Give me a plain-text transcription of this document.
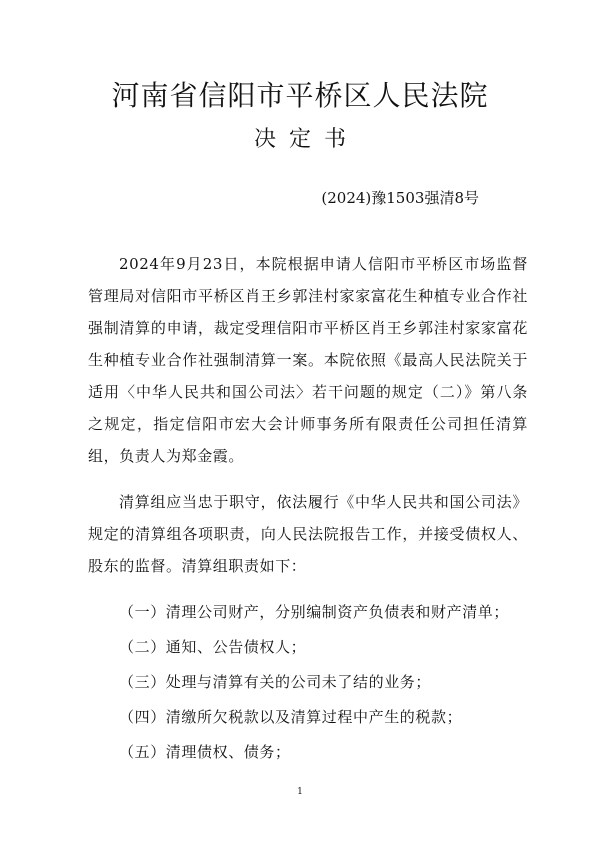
河南省信阳市平桥区人民法院
决定书
(2024)豫1503强清8号

2024年9月23日，本院根据申请人信阳市平桥区市场监督管理局对信阳市平桥区肖王乡郭洼村家家富花生种植专业合作社强制清算的申请，裁定受理信阳市平桥区肖王乡郭洼村家家富花生种植专业合作社强制清算一案。本院依照《最高人民法院关于适用〈中华人民共和国公司法〉若干问题的规定（二）》第八条之规定，指定信阳市宏大会计师事务所有限责任公司担任清算组，负责人为郑金霞。

清算组应当忠于职守，依法履行《中华人民共和国公司法》规定的清算组各项职责，向人民法院报告工作，并接受债权人、股东的监督。清算组职责如下：

（一）清理公司财产，分别编制资产负债表和财产清单；
（二）通知、公告债权人；
（三）处理与清算有关的公司未了结的业务；
（四）清缴所欠税款以及清算过程中产生的税款；
（五）清理债权、债务；
1
